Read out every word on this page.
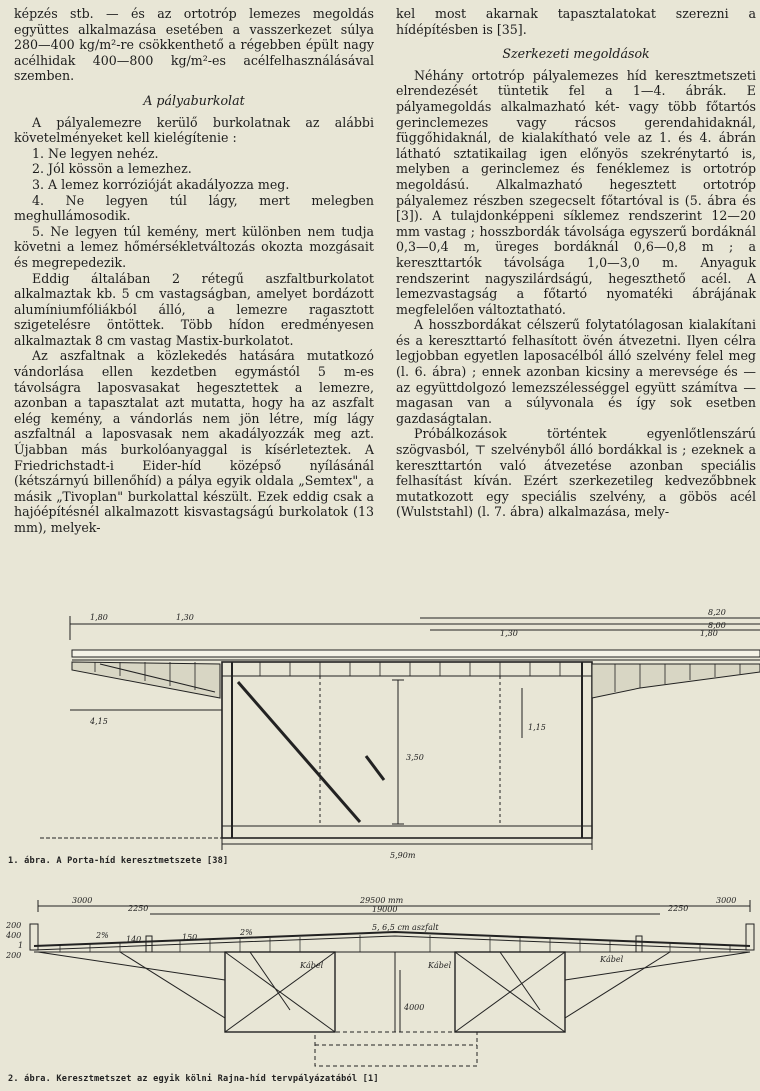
képzés stb. — és az ortotróp lemezes megoldás együttes alkalmazása esetében a vasszerkezet súlya 280—400 kg/m²-re csökkenthető a régebben épült nagy acélhidak 400—800 kg/m²-es acélfelhasználásával szemben.

A pályaburkolat

A pályalemezre kerülő burkolatnak az alábbi követelményeket kell kielégítenie :

1. Ne legyen nehéz.

2. Jól kössön a lemezhez.

3. A lemez korrózióját akadályozza meg.

4. Ne legyen túl lágy, mert melegben meghullámosodik.

5. Ne legyen túl kemény, mert különben nem tudja követni a lemez hőmérsékletváltozás okozta mozgásait és megrepedezik.

Eddig általában 2 rétegű aszfaltburkolatot alkalmaztak kb. 5 cm vastagságban, amelyet bordázott alumíniumfóliákból álló, a lemezre ragasztott szigetelésre öntöttek. Több hídon eredményesen alkalmaztak 8 cm vastag Mastix-burkolatot.

Az aszfaltnak a közlekedés hatására mutatkozó vándorlása ellen kezdetben egymástól 5 m-es távolságra laposvasakat hegesztettek a lemezre, azonban a tapasztalat azt mutatta, hogy ha az aszfalt elég kemény, a vándorlás nem jön létre, míg lágy aszfaltnál a laposvasak nem akadályozzák meg azt. Újabban más burkolóanyaggal is kísérleteztek. A Friedrichstadt-i Eider-híd középső nyílásánál (kétszárnyú billenőhíd) a pálya egyik oldala „Semtex", a másik „Tivoplan" burkolattal készült. Ezek eddig csak a hajóépítésnél alkalmazott kisvastagságú burkolatok (13 mm), melyek-

kel most akarnak tapasztalatokat szerezni a hídépítésben is [35].

Szerkezeti megoldások

Néhány ortotróp pályalemezes híd keresztmetszeti elrendezését tüntetik fel a 1—4. ábrák. E pályamegoldás alkalmazható két- vagy több főtartós gerinclemezes vagy rácsos gerendahidaknál, függőhidaknál, de kialakítható vele az 1. és 4. ábrán látható sztatikailag igen előnyös szekrénytartó is, melyben a gerinclemez és fenéklemez is ortotróp megoldású. Alkalmazható hegesztett ortotróp pályalemez részben szegecselt főtartóval is (5. ábra és [3]). A tulajdonképpeni síklemez rendszerint 12—20 mm vastag ; hosszbordák távolsága egyszerű bordáknál 0,3—0,4 m, üreges bordáknál 0,6—0,8 m ; a kereszttartók távolsága 1,0—3,0 m. Anyaguk rendszerint nagyszilárdságú, hegeszthető acél. A lemezvastagság a főtartó nyomatéki ábrájának megfelelően változtatható.

A hosszbordákat célszerű folytatólagosan kialakítani és a kereszttartó felhasított övén átvezetni. Ilyen célra legjobban egyetlen laposacélból álló szelvény felel meg (l. 6. ábra) ; ennek azonban kicsiny a merevsége és — az együttdolgozó lemezszélességgel együtt számítva — magasan van a súlyvonala és így sok esetben gazdaságtalan.

Próbálkozások történtek egyenlőtlenszárú szögvasból, ⊤ szelvényből álló bordákkal is ; ezeknek a kereszttartón való átvezetése azonban speciális felhasítást kíván. Ezért szerkezetileg kedvezőbbnek mutatkozott egy speciális szelvény, a göbös acél (Wulststahl) (l. 7. ábra) alkalmazása, mely-

1,80	1,30
1,30	1,80
8,20
8,00
4,15
3,50
1,15
5,90m
1. ábra. A Porta-híd keresztmetszete [38]
3000
2250
29500 mm
19000	2250
3000
2% 140	150
2%
5, 6,5 cm aszfalt
200
400
1
200
Kábel	Kábel
4000
Kábel
2. ábra. Keresztmetszet az egyik kölni Rajna-híd tervpályázatából [1]
